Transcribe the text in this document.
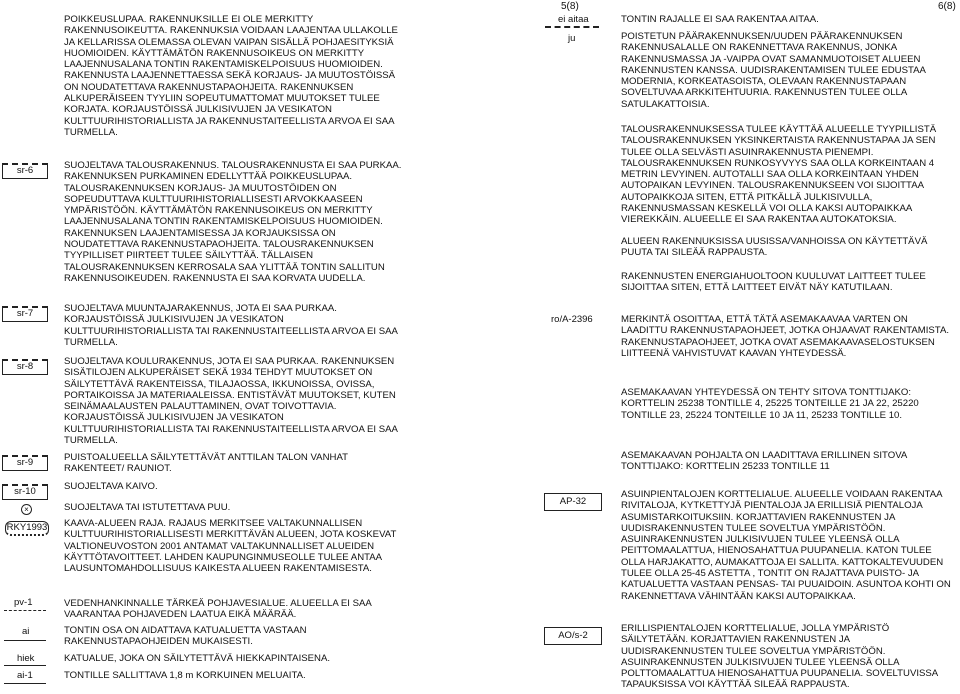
5(8)	6(8)
POIKKEUSLUPAA. RAKENNUKSILLE EI OLE MERKITTY RAKENNUSOIKEUTTA. RAKENNUKSIA VOIDAAN LAAJENTAA ULLAKOLLE JA KELLARISSA OLEMASSA OLEVAN VAIPAN SISÄLLÄ POHJAESITYKSIÄ HUOMIOIDEN. KÄYTTÄMÄTÖN RAKENNUSOIKEUS ON MERKITTY LAAJENNUSALANA TONTIN RAKENTAMISKELPOISUUS HUOMIOIDEN. RAKENNUSTA LAAJENNETTAESSA SEKÄ KORJAUS- JA MUUTOSTÖISSÄ ON NOUDATETTAVA RAKENNUSTAPAOHJEITA. RAKENNUKSEN ALKUPERÄISEEN TYYLIIN SOPEUTUMATTOMAT MUUTOKSET TULEE KORJATA. KORJAUSTÖISSÄ JULKISIVUJEN JA VESIKATON KULTTUURIHISTORIALLISTA JA RAKENNUSTAITEELLISTA ARVOA EI SAA TURMELLA.
sr-6	SUOJELTAVA TALOUSRAKENNUS. TALOUSRAKENNUSTA EI SAA PURKAA. RAKENNUKSEN PURKAMINEN EDELLYTTÄÄ POIKKEUSLUPAA. TALOUSRAKENNUKSEN KORJAUS- JA MUUTOSTÖIDEN ON SOPEUDUTTAVA KULTTUURIHISTORIALLISESTI ARVOKKAASEEN YMPÄRISTÖÖN. KÄYTTÄMÄTÖN RAKENNUSOIKEUS ON MERKITTY LAAJENNUSALANA TONTIN RAKENTAMISKELPOISUUS HUOMIOIDEN. RAKENNUKSEN LAAJENTAMISESSA JA KORJAUKSISSA ON NOUDATETTAVA RAKENNUSTAPAOHJEITA. TALOUSRAKENNUKSEN TYYPILLISET PIIRTEET TULEE SÄILYTTÄÄ. TÄLLAISEN TALOUSRAKENNUKSEN KERROSALA SAA YLITTÄÄ TONTIN SALLITUN RAKENNUSOIKEUDEN. RAKENNUSTA EI SAA KORVATA UUDELLA.
sr-7	SUOJELTAVA MUUNTAJARAKENNUS, JOTA EI SAA PURKAA. KORJAUSTÖISSÄ JULKISIVUJEN JA VESIKATON KULTTUURIHISTORIALLISTA TAI RAKENNUSTAITEELLISTA ARVOA EI SAA TURMELLA.
sr-8	SUOJELTAVA KOULURAKENNUS, JOTA EI SAA PURKAA. RAKENNUKSEN SISÄTILOJEN ALKUPERÄISET SEKÄ 1934 TEHDYT MUUTOKSET ON SÄILYTETTÄVÄ RAKENTEISSA, TILAJAOSSA, IKKUNOISSA, OVISSA, PORTAIKOISSA JA MATERIAALEISSA. ENTISTÄVÄT MUUTOKSET, KUTEN SEINÄMAALAUSTEN PALAUTTAMINEN, OVAT TOIVOTTAVIA. KORJAUSTÖISSÄ JULKISIVUJEN JA VESIKATON KULTTUURIHISTORIALLISTA TAI RAKENNUSTAITEELLISTA ARVOA EI SAA TURMELLA.
sr-9	PUISTOALUEELLA SÄILYTETTÄVÄT ANTTILAN TALON VANHAT RAKENTEET/ RAUNIOT.
sr-10	SUOJELTAVA KAIVO.
×	SUOJELTAVA TAI ISTUTETTAVA PUU.
RKY1993 KAAVA-ALUEEN RAJA. RAJAUS MERKITSEE VALTAKUNNALLISEN KULTTUURIHISTORIALLISESTI MERKITTÄVÄN ALUEEN, JOTA KOSKEVAT VALTIONEUVOSTON 2001 ANTAMAT VALTAKUNNALLISET ALUEIDEN KÄYTTÖTAVOITTEET. LAHDEN KAUPUNGINMUSEOLLE TULEE ANTAA LAUSUNTOMAHDOLLISUUS KAIKESTA ALUEEN RAKENTAMISESTA.
pv-1	VEDENHANKINNALLE TÄRKEÄ POHJAVESIALUE. ALUEELLA EI SAA VAARANTAA POHJAVEDEN LAATUA EIKÄ MÄÄRÄÄ.
ai	TONTIN OSA ON AIDATTAVA KATUALUETTA VASTAAN RAKENNUSTAPAOHJEIDEN MUKAISESTI.
hiek	KATUALUE, JOKA ON SÄILYTETTÄVÄ HIEKKAPINTAISENA.
ai-1	TONTILLE SALLITTAVA 1,8 m KORKUINEN MELUAITA.
ei aitaa	TONTIN RAJALLE EI SAA RAKENTAA AITAA.
ju	POISTETUN PÄÄRAKENNUKSEN/UUDEN PÄÄRAKENNUKSEN RAKENNUSALALLE ON RAKENNETTAVA RAKENNUS, JONKA RAKENNUSMASSA JA -VAIPPA OVAT SAMANMUOTOISET ALUEEN RAKENNUSTEN KANSSA. UUDISRAKENTAMISEN TULEE EDUSTAA MODERNIA, KORKEATASOISTA, OLEVAAN RAKENNUSTAPAAN SOVELTUVAA ARKKITEHTUURIA. RAKENNUSTEN TULEE OLLA SATULAKATTOISIA.
TALOUSRAKENNUKSESSA TULEE KÄYTTÄÄ ALUEELLE TYYPILLISTÄ TALOUSRAKENNUKSEN YKSINKERTAISTA RAKENNUSTAPAA JA SEN TULEE OLLA SELVÄSTI ASUINRAKENNUSTA PIENEMPI. TALOUSRAKENNUKSEN RUNKOSYVYYS SAA OLLA KORKEINTAAN 4 METRIN LEVYINEN. AUTOTALLI SAA OLLA KORKEINTAAN YHDEN AUTOPAIKAN LEVYINEN. TALOUSRAKENNUKSEEN VOI SIJOITTAA AUTOPAIKKOJA SITEN, ETTÄ PITKÄLLÄ JULKISIVULLA, RAKENNUSMASSAN KESKELLÄ VOI OLLA KAKSI AUTOPAIKKAA VIEREKKÄIN. ALUEELLE EI SAA RAKENTAA AUTOKATOKSIA.
ALUEEN RAKENNUKSISSA UUSISSA/VANHOISSA ON KÄYTETTÄVÄ PUUTA TAI SILEÄÄ RAPPAUSTA.
RAKENNUSTEN ENERGIAHUOLTOON KUULUVAT LAITTEET TULEE SIJOITTAA SITEN, ETTÄ LAITTEET EIVÄT NÄY KATUTILAAN.
ro/A-2396	MERKINTÄ OSOITTAA, ETTÄ TÄTÄ ASEMAKAAVAA VARTEN ON LAADITTU RAKENNUSTAPAOHJEET, JOTKA OHJAAVAT RAKENTAMISTA. RAKENNUSTAPAOHJEET, JOTKA OVAT ASEMAKAAVASELOSTUKSEN LIITTEENÄ VAHVISTUVAT KAAVAN YHTEYDESSÄ.
ASEMAKAAVAN YHTEYDESSÄ ON TEHTY SITOVA TONTTIJAKO: KORTTELIN 25238 TONTILLE 4, 25225 TONTEILLE 21 JA 22, 25220 TONTILLE 23, 25224 TONTEILLE 10 JA 11, 25233 TONTILLE 10.
ASEMAKAAVAN POHJALTA ON LAADITTAVA ERILLINEN SITOVA TONTTIJAKO: KORTTELIN 25233 TONTILLE 11
AP-32
ASUINPIENTALOJEN KORTTELIALUE. ALUEELLE VOIDAAN RAKENTAA RIVITALOJA, KYTKETTYJÄ PIENTALOJA JA ERILLISIÄ PIENTALOJA ASUMISTARKOITUKSIIN. KORJATTAVIEN RAKENNUSTEN JA UUDISRAKENNUSTEN TULEE SOVELTUA YMPÄRISTÖÖN. ASUINRAKENNUSTEN JULKISIVUJEN TULEE YLEENSÄ OLLA PEITTOMAALATTUA, HIENOSAHATTUA PUUPANELIA. KATON TULEE OLLA HARJAKATTO, AUMAKATTOJA EI SALLITA. KATTOKALTEVUUDEN TULEE OLLA 25-45 ASTETTA , TONTIT ON RAJATTAVA PUISTO- JA KATUALUETTA VASTAAN PENSAS- TAI PUUAIDOIN. ASUNTOA KOHTI ON RAKENNETTAVA VÄHINTÄÄN KAKSI AUTOPAIKKAA.
AO/s-2
ERILLISPIENTALOJEN KORTTELIALUE, JOLLA YMPÄRISTÖ SÄILYTETÄÄN. KORJATTAVIEN RAKENNUSTEN JA UUDISRAKENNUSTEN TULEE SOVELTUA YMPÄRISTÖÖN. ASUINRAKENNUSTEN JULKISIVUJEN TULEE YLEENSÄ OLLA POLTTOMAALATTUA HIENOSAHATTUA PUUPANELIA. SOVELTUVISSA TAPAUKSISSA VOI KÄYTTÄÄ SILEÄÄ RAPPAUSTA.
